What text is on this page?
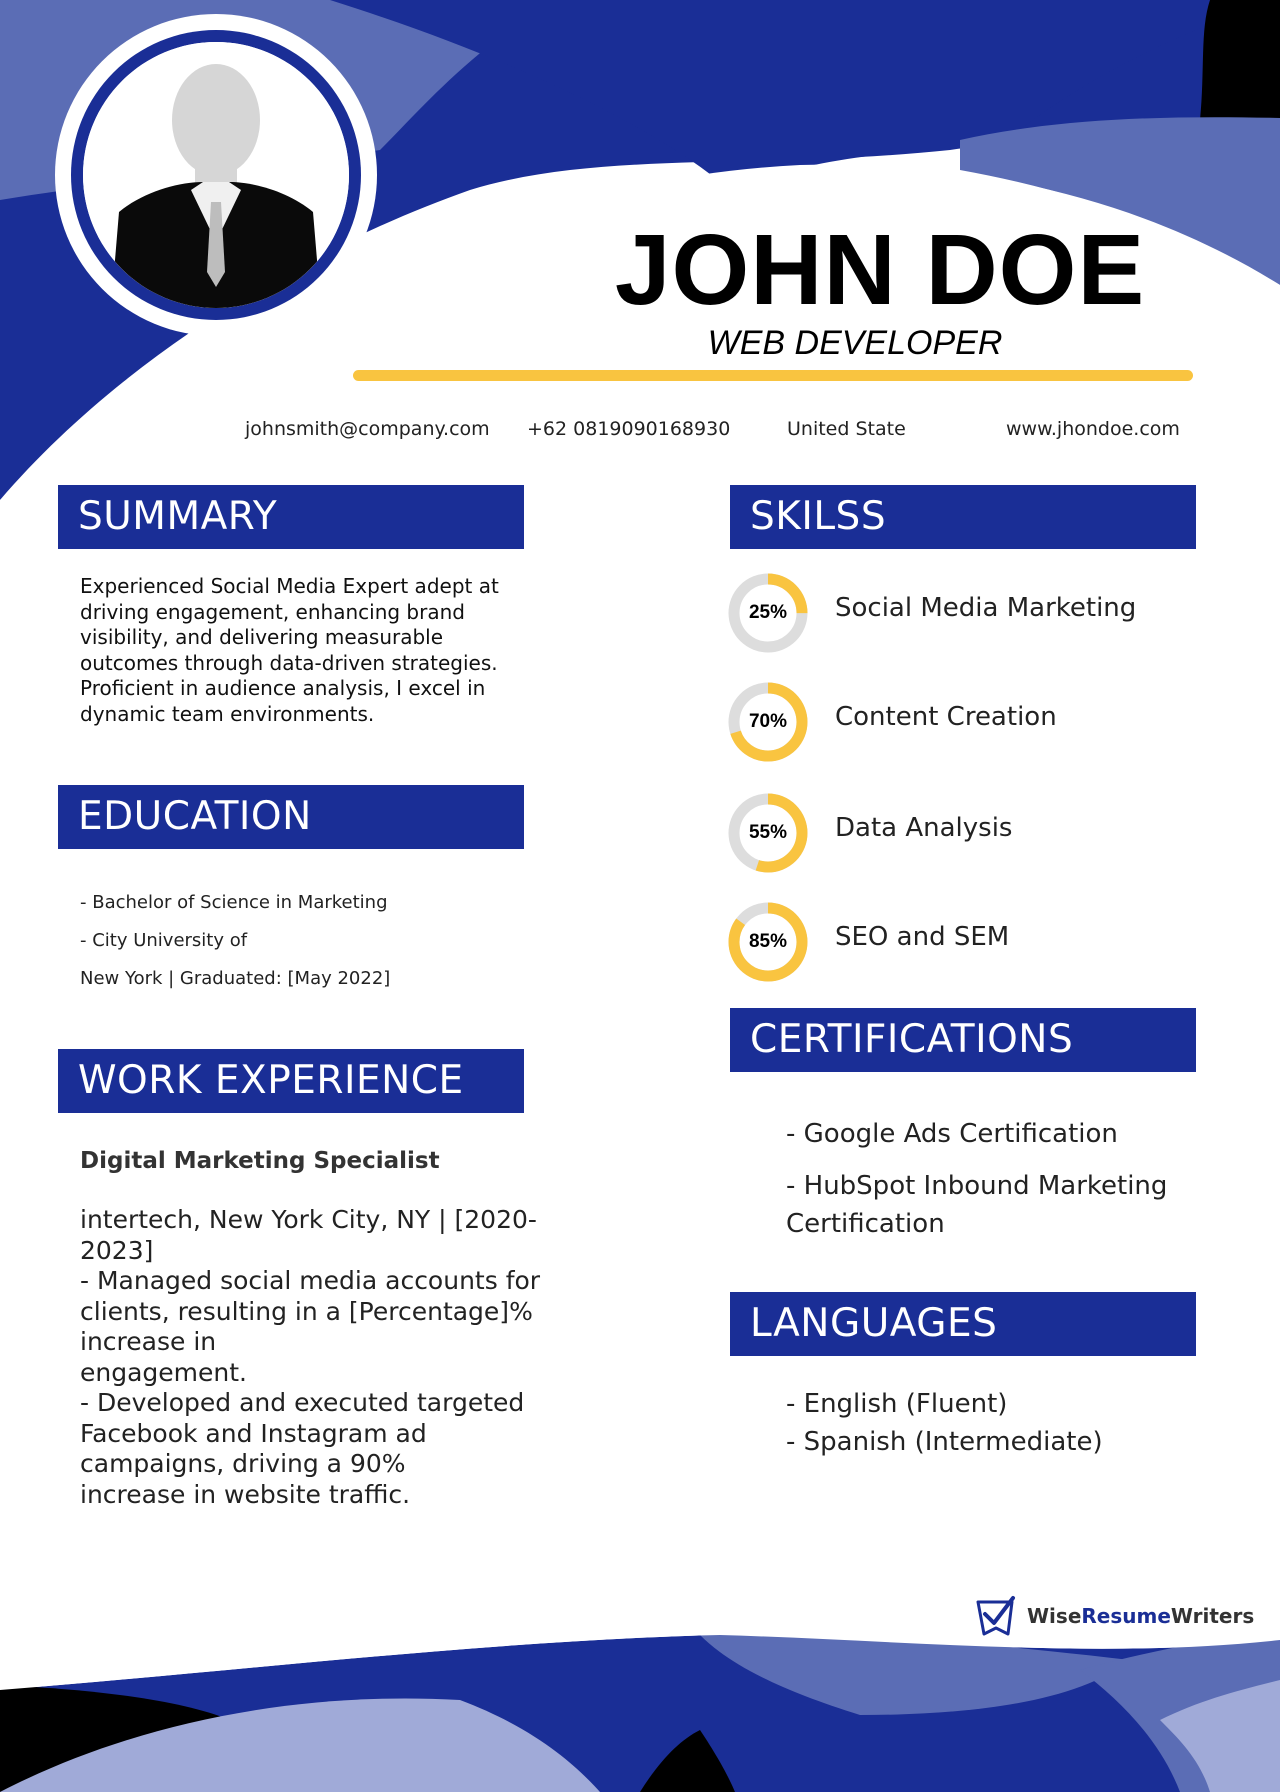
JOHN DOE
WEB DEVELOPER
johnsmith@company.com +62 0819090168930	United State	www.jhondoe.com
SUMMARY
Experienced Social Media Expert adept at
driving engagement, enhancing brand
visibility, and delivering measurable
outcomes through data-driven strategies.
Proficient in audience analysis, I excel in
dynamic team environments.
EDUCATION
- Bachelor of Science in Marketing
- City University of
New York | Graduated: [May 2022]
WORK EXPERIENCE
Digital Marketing Specialist
intertech, New York City, NY | [2020-
2023]
- Managed social media accounts for
clients, resulting in a [Percentage]%
increase in
engagement.
- Developed and executed targeted
Facebook and Instagram ad
campaigns, driving a 90%
increase in website traffic.
SKILSS
25%	Social Media Marketing
70%	Content Creation
55%	Data Analysis
85%	SEO and SEM
CERTIFICATIONS
- Google Ads Certification
- HubSpot Inbound Marketing
Certification
LANGUAGES
- English (Fluent)
- Spanish (Intermediate)
WiseResumeWriters
